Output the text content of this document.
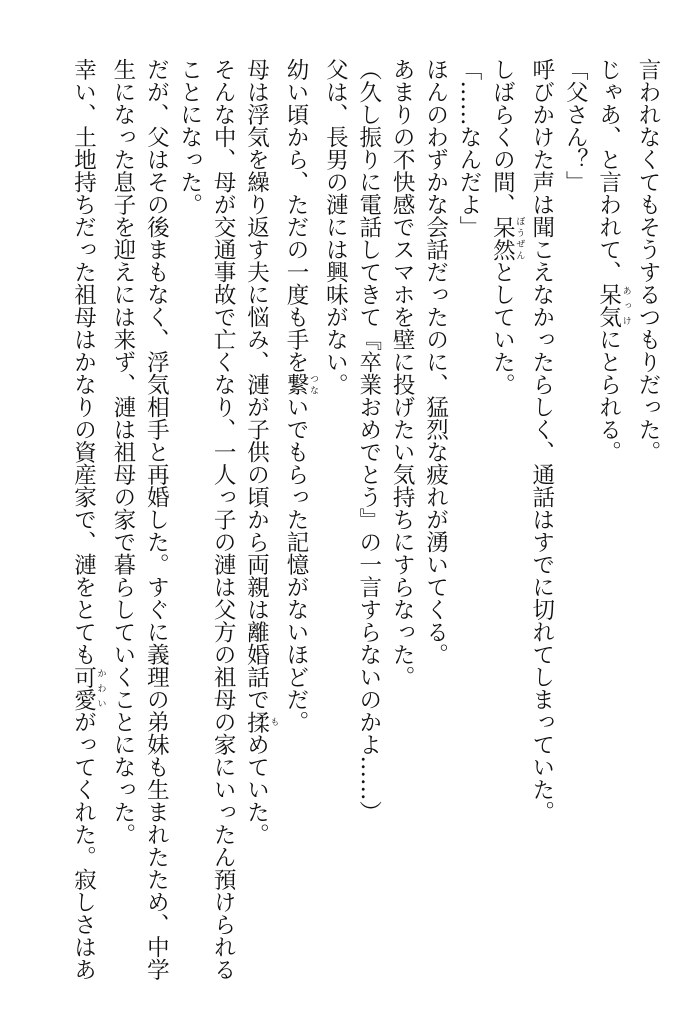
言われなくてもそうするつもりだった。
じゃあ、と言われて、呆気 あっけにとられる。
「父さん？」
呼びかけた声は聞こえなかったらしく、通話はすでに切れてしまっていた。
しばらくの間、呆然 ぼうぜんとしていた。
「……なんだよ」
ほんのわずかな会話だったのに、猛烈な疲れが湧いてくる。
あまりの不快感でスマホを壁に投げたい気持ちにすらなった。
（久し振りに電話してきて『卒業おめでとう』の一言すらないのかよ……）
父は、長男の漣には興味がない。
幼い頃から、ただの一度も手を繋 つないでもらった記憶がないほどだ。
母は浮気を繰り返す夫に悩み、漣が子供の頃から両親は離婚話で揉 もめていた。
そんな中、母が交通事故で亡くなり、一人っ子の漣は父方の祖母の家にいったん預けられる
ことになった。
だが、父はその後まもなく、浮気相手と再婚した。すぐに義理の弟妹も生まれたため、中学
生になった息子を迎えには来ず、漣は祖母の家で暮らしていくことになった。
幸い、土地持ちだった祖母はかなりの資産家で、漣をとても可愛 かわいがってくれた。寂しさはあ
